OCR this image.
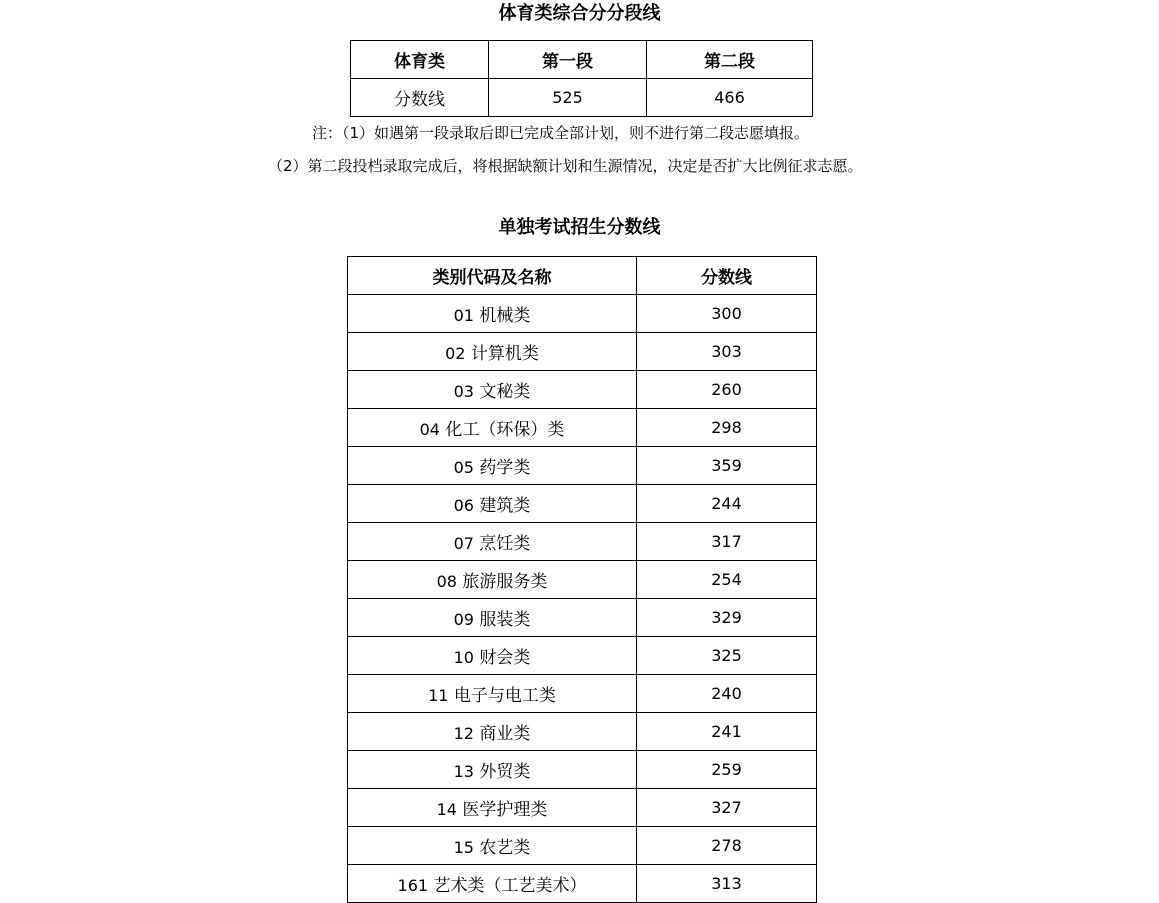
体育类综合分分段线
体育类	第一段	第二段
分数线	525	466

注：（1）如遇第一段录取后即已完成全部计划，则不进行第二段志愿填报。

（2）第二段投档录取完成后，将根据缺额计划和生源情况，决定是否扩大比例征求志愿。

单独考试招生分数线
类别代码及名称	分数线
01 机械类	300
02 计算机类	303
03 文秘类	260
04 化工（环保）类	298
05 药学类	359
06 建筑类	244
07 烹饪类	317
08 旅游服务类	254
09 服装类	329
10 财会类	325
11 电子与电工类	240
12 商业类	241
13 外贸类	259
14 医学护理类	327
15 农艺类	278
161 艺术类（工艺美术）	313
